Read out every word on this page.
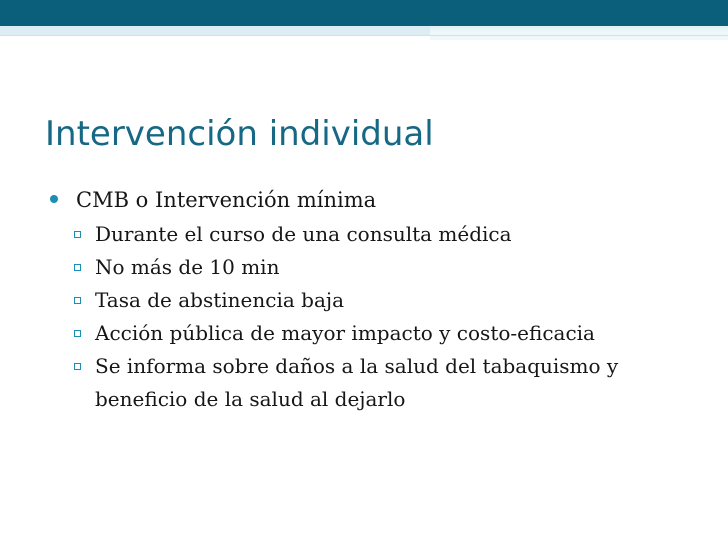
Intervención individual
CMB o Intervención mínima
Durante el curso de una consulta médica
No más de 10 min
Tasa de abstinencia baja
Acción pública de mayor impacto y costo-eficacia
Se informa sobre daños a la salud del tabaquismo y beneficio de la salud al dejarlo
